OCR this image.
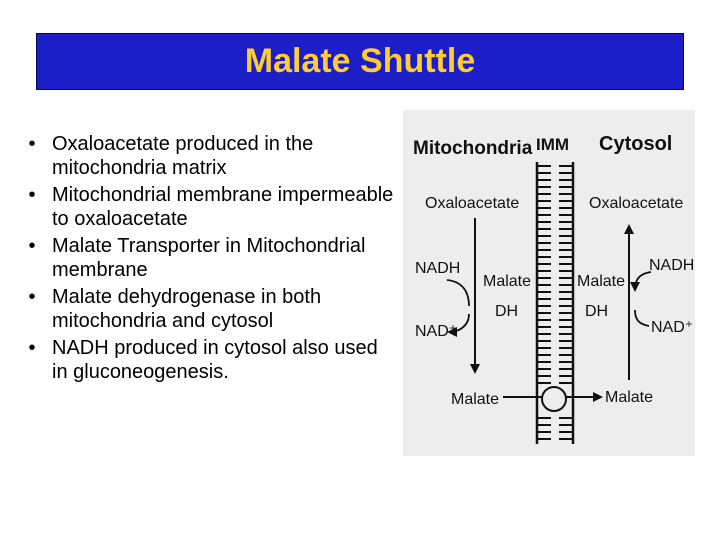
Malate Shuttle
• Oxaloacetate produced in the mitochondria matrix
• Mitochondrial membrane impermeable to oxaloacetate
• Malate Transporter in Mitochondrial membrane
• Malate dehydrogenase in both mitochondria and cytosol
• NADH produced in cytosol also used in gluconeogenesis.
Mitochondria IMM Cytosol
Oxaloacetate
NADH
NAD⁺
Malate
DH
Malate
Oxaloacetate
NADH
NAD⁺
Malate
DH
Malate
